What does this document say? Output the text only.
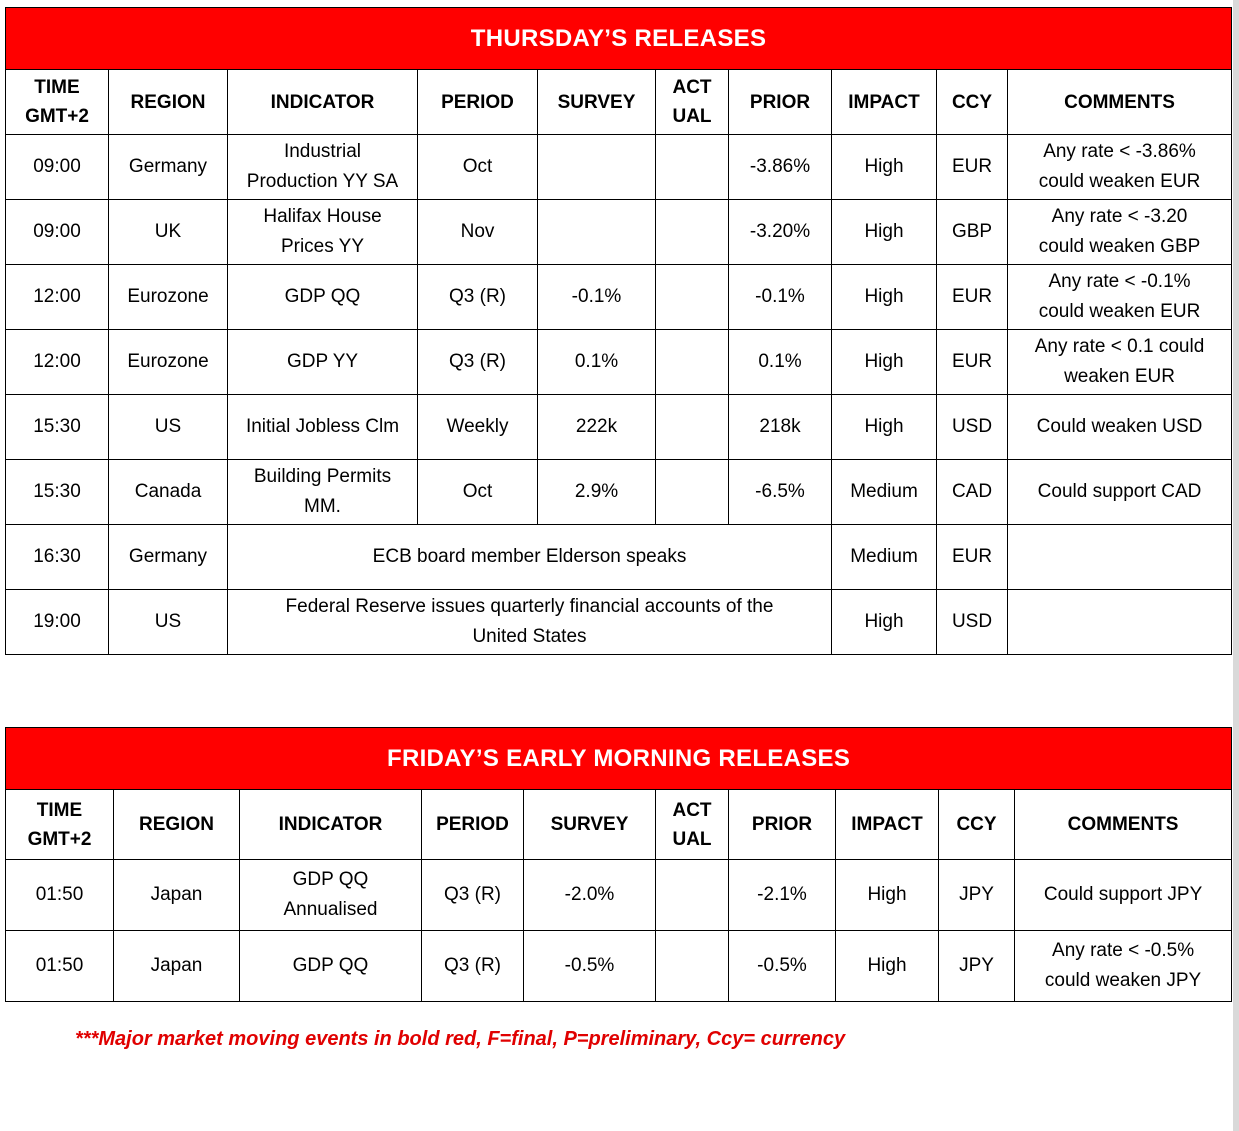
THURSDAY’S RELEASES									
TIME
GMT+2	REGION	INDICATOR	PERIOD	SURVEY	ACT
UAL	PRIOR	IMPACT	CCY	COMMENTS
09:00	Germany	Industrial
Production YY SA	Oct			-3.86%	High	EUR	Any rate < -3.86%
could weaken EUR
09:00	UK	Halifax House
Prices YY	Nov			-3.20%	High	GBP	Any rate < -3.20
could weaken GBP
12:00	Eurozone	GDP QQ	Q3 (R)	-0.1%		-0.1%	High	EUR	Any rate < -0.1%
could weaken EUR
12:00	Eurozone	GDP YY	Q3 (R)	0.1%		0.1%	High	EUR	Any rate < 0.1 could
weaken EUR
15:30	US	Initial Jobless Clm	Weekly	222k		218k	High	USD	Could weaken USD
15:30	Canada	Building Permits
MM.	Oct	2.9%		-6.5%	Medium	CAD	Could support CAD
16:30	Germany	ECB board member Elderson speaks					Medium	EUR	
19:00	US	Federal Reserve issues quarterly financial accounts of the
United States					High	USD	
FRIDAY’S EARLY MORNING RELEASES									
TIME
GMT+2	REGION	INDICATOR	PERIOD	SURVEY	ACT
UAL	PRIOR	IMPACT	CCY	COMMENTS
01:50	Japan	GDP QQ
Annualised	Q3 (R)	-2.0%		-2.1%	High	JPY	Could support JPY
01:50	Japan	GDP QQ	Q3 (R)	-0.5%		-0.5%	High	JPY	Any rate < -0.5%
could weaken JPY
***Major market moving events in bold red, F=final, P=preliminary, Ccy= currency
